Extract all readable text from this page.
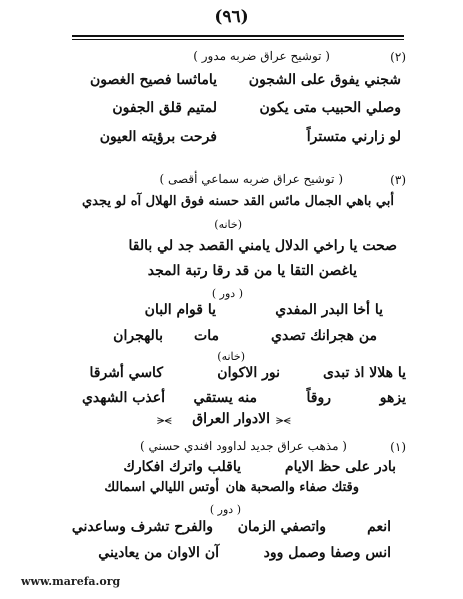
(٩٦)
(٢)
( توشيح عراق ضربه مدور )
شجني يفوق على الشجون
ياماثسا فصيح الغصون
وصلي الحبيب متى يكون
لمتيم قلق الجفون
لو زارني متستراً
فرحت برؤيته العيون
(٣)
( توشيح عراق ضربه سماعي أقصى )
أبي باهي الجمال مائس القد حسنه فوق الهلال آه لو يجدي
(خانه)
صحت يا راخي الدلال يامني القصد جد لي بالقا
ياغصن التقا يا من قد رقا رتبة المجد
( دور )
يا أخا البدر المفدي
يا قوام البان
من هجرانك تصدي
مات
بالهجران
(خانه)
يا هلالا اذ تبدى
نور الاكوان
كاسي أشرقا
يزهو
روقاً
منه يستقي
أعذب الشهدي
⪫⪪
الادوار العراق
⪫⪪
(١)
( مذهب عراق جديد لداوود افندي حسني )
بادر على حظ الايام
ياقلب واترك افكارك
وقتك صفاء والصحبة هان
أوتس الليالي اسمالك
( دور )
انعم
واتصفي الزمان
والفرح تشرف وساعدني
انس وصفا وصمل وود
آن الاوان من يعاديني
www.marefa.org
